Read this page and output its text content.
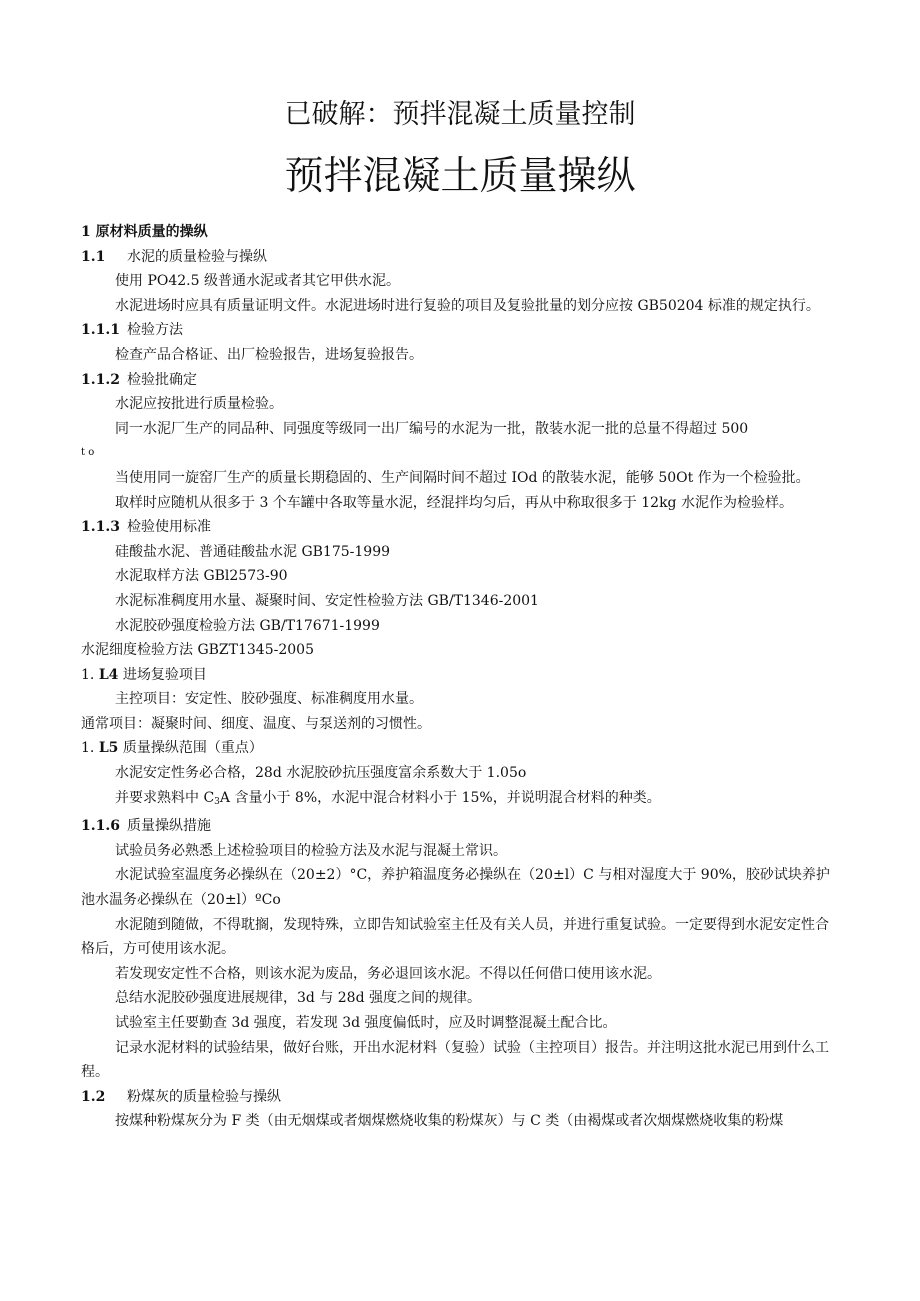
已破解：预拌混凝土质量控制
预拌混凝土质量操纵
1 原材料质量的操纵
1.1 水泥的质量检验与操纵
使用 PO42.5 级普通水泥或者其它甲供水泥。
水泥进场时应具有质量证明文件。水泥进场时进行复验的项目及复验批量的划分应按 GB50204 标准的规定执行。
1.1.1 检验方法
检查产品合格证、出厂检验报告，进场复验报告。
1.1.2 检验批确定
水泥应按批进行质量检验。
同一水泥厂生产的同品种、同强度等级同一出厂编号的水泥为一批，散装水泥一批的总量不得超过 500
t o
当使用同一旋窑厂生产的质量长期稳固的、生产间隔时间不超过 IOd 的散装水泥，能够 50Ot 作为一个检验批。
取样时应随机从很多于 3 个车罐中各取等量水泥，经混拌均匀后，再从中称取很多于 12kg 水泥作为检验样。
1.1.3 检验使用标准
硅酸盐水泥、普通硅酸盐水泥 GB175-1999
水泥取样方法 GBl2573-90
水泥标准稠度用水量、凝聚时间、安定性检验方法 GB/T1346-2001
水泥胶砂强度检验方法 GB/T17671-1999
水泥细度检验方法 GBZT1345-2005
1. L4 进场复验项目
主控项目：安定性、胶砂强度、标准稠度用水量。
通常项目：凝聚时间、细度、温度、与泵送剂的习惯性。
1. L5 质量操纵范围（重点）
水泥安定性务必合格，28d 水泥胶砂抗压强度富余系数大于 1.05o
并要求熟料中 $C_3A$ 含量小于 8%，水泥中混合材料小于 15%，并说明混合材料的种类。
1.1.6 质量操纵措施
试验员务必熟悉上述检验项目的检验方法及水泥与混凝土常识。
水泥试验室温度务必操纵在（20±2）°C，养护箱温度务必操纵在（20±l）C 与相对湿度大于 90%，胶砂试块养护池水温务必操纵在（20±l）ºCo
水泥随到随做，不得耽搁，发现特殊，立即告知试验室主任及有关人员，并进行重复试验。一定要得到水泥安定性合格后，方可使用该水泥。
若发现安定性不合格，则该水泥为废品，务必退回该水泥。不得以任何借口使用该水泥。
总结水泥胶砂强度进展规律，3d 与 28d 强度之间的规律。
试验室主任要勤查 3d 强度，若发现 3d 强度偏低时，应及时调整混凝土配合比。
记录水泥材料的试验结果，做好台账，开出水泥材料（复验）试验（主控项目）报告。并注明这批水泥已用到什么工程。
1.2 粉煤灰的质量检验与操纵
按煤种粉煤灰分为 F 类（由无烟煤或者烟煤燃烧收集的粉煤灰）与 C 类（由褐煤或者次烟煤燃烧收集的粉煤
